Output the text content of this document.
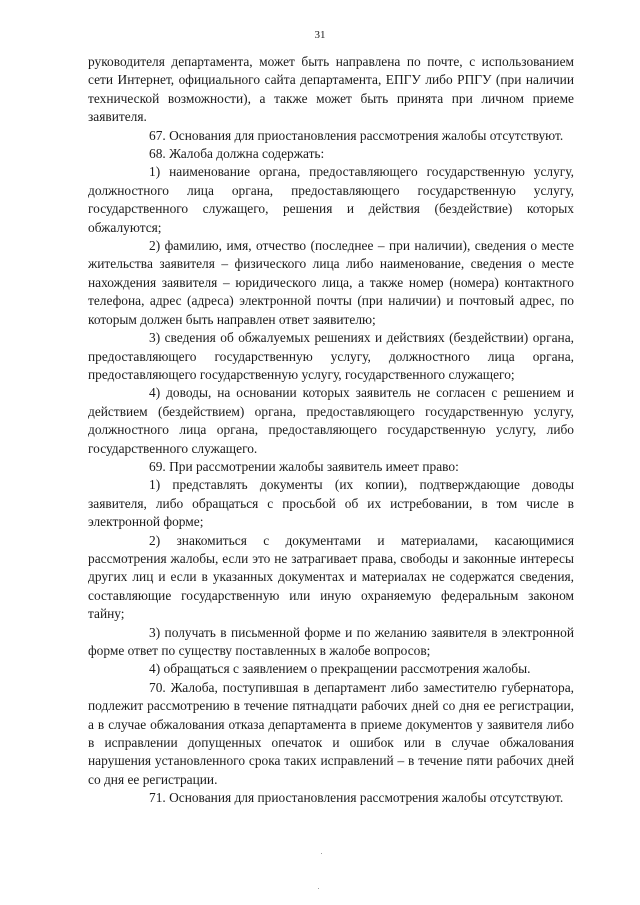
31

руководителя департамента, может быть направлена по почте, с использованием сети Интернет, официального сайта департамента, ЕПГУ либо РПГУ (при наличии технической возможности), а также может быть принята при личном приеме заявителя.

67. Основания для приостановления рассмотрения жалобы отсутствуют.

68. Жалоба должна содержать:

1) наименование органа, предоставляющего государственную услугу, должностного лица органа, предоставляющего государственную услугу, государственного служащего, решения и действия (бездействие) которых обжалуются;

2) фамилию, имя, отчество (последнее – при наличии), сведения о месте жительства заявителя – физического лица либо наименование, сведения о месте нахождения заявителя – юридического лица, а также номер (номера) контактного телефона, адрес (адреса) электронной почты (при наличии) и почтовый адрес, по которым должен быть направлен ответ заявителю;

3) сведения об обжалуемых решениях и действиях (бездействии) органа, предоставляющего государственную услугу, должностного лица органа, предоставляющего государственную услугу, государственного служащего;

4) доводы, на основании которых заявитель не согласен с решением и действием (бездействием) органа, предоставляющего государственную услугу, должностного лица органа, предоставляющего государственную услугу, либо государственного служащего.

69. При рассмотрении жалобы заявитель имеет право:

1) представлять документы (их копии), подтверждающие доводы заявителя, либо обращаться с просьбой об их истребовании, в том числе в электронной форме;

2) знакомиться с документами и материалами, касающимися рассмотрения жалобы, если это не затрагивает права, свободы и законные интересы других лиц и если в указанных документах и материалах не содержатся сведения, составляющие государственную или иную охраняемую федеральным законом тайну;

3) получать в письменной форме и по желанию заявителя в электронной форме ответ по существу поставленных в жалобе вопросов;

4) обращаться с заявлением о прекращении рассмотрения жалобы.

70. Жалоба, поступившая в департамент либо заместителю губернатора, подлежит рассмотрению в течение пятнадцати рабочих дней со дня ее регистрации, а в случае обжалования отказа департамента в приеме документов у заявителя либо в исправлении допущенных опечаток и ошибок или в случае обжалования нарушения установленного срока таких исправлений – в течение пяти рабочих дней со дня ее регистрации.

71. Основания для приостановления рассмотрения жалобы отсутствуют.
